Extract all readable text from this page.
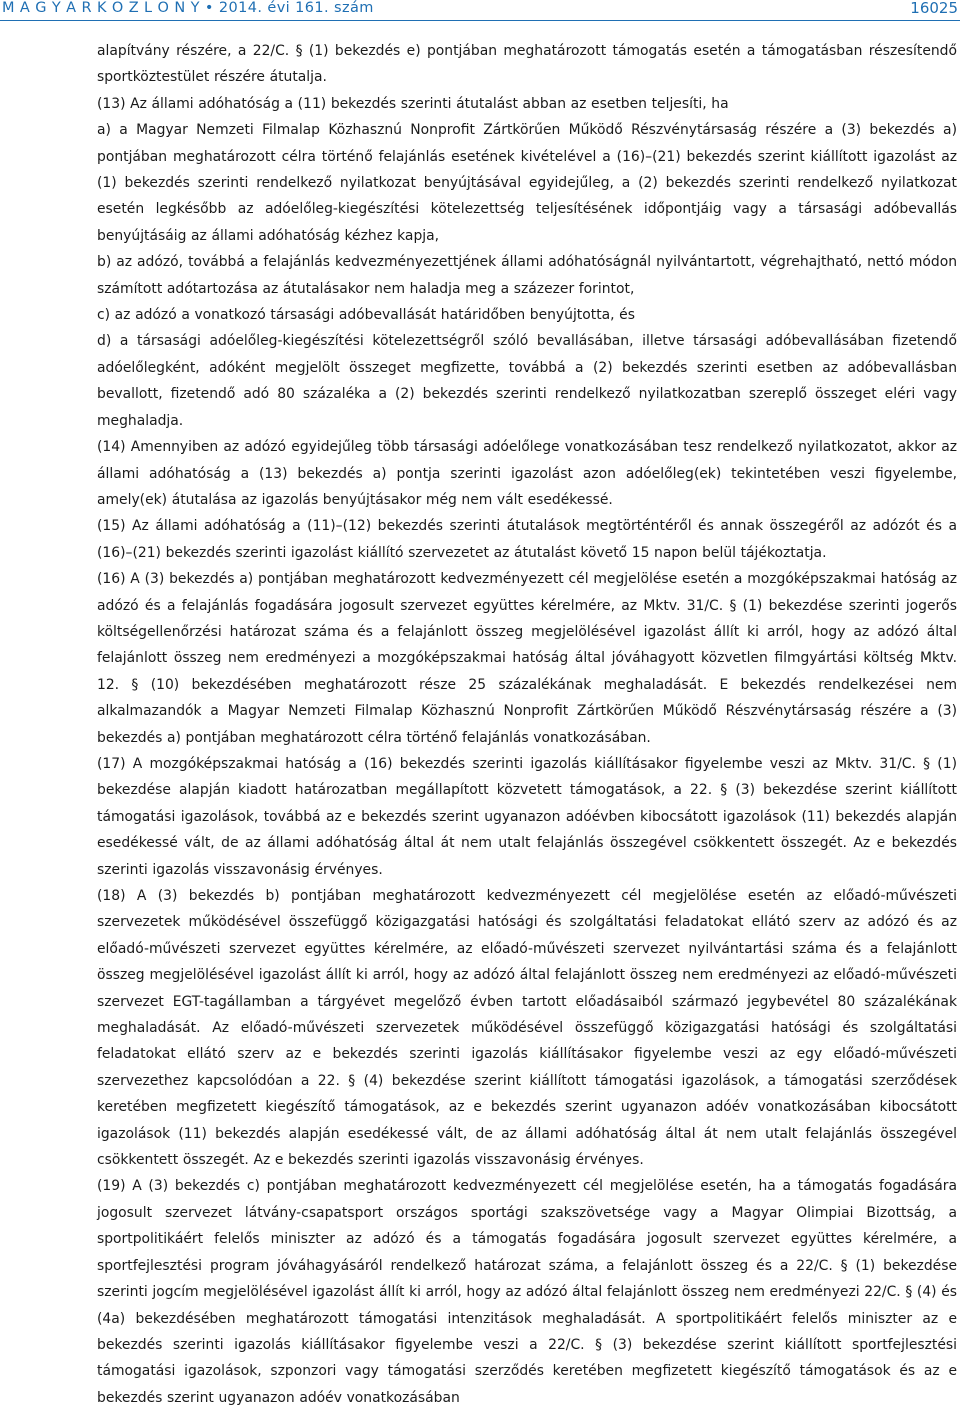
M A G Y A R K Ö Z L Ö N Y • 2014. évi 161. szám	16025

alapítvány részére, a 22/C. § (1) bekezdés e) pontjában meghatározott támogatás esetén a támogatásban részesítendő sportköztestület részére átutalja.

(13) Az állami adóhatóság a (11) bekezdés szerinti átutalást abban az esetben teljesíti, ha

a) a Magyar Nemzeti Filmalap Közhasznú Nonprofit Zártkörűen Működő Részvénytársaság részére a (3) bekezdés a) pontjában meghatározott célra történő felajánlás esetének kivételével a (16)–(21) bekezdés szerint kiállított igazolást az (1) bekezdés szerinti rendelkező nyilatkozat benyújtásával egyidejűleg, a (2) bekezdés szerinti rendelkező nyilatkozat esetén legkésőbb az adóelőleg-kiegészítési kötelezettség teljesítésének időpontjáig vagy a társasági adóbevallás benyújtásáig az állami adóhatóság kézhez kapja,

b) az adózó, továbbá a felajánlás kedvezményezettjének állami adóhatóságnál nyilvántartott, végrehajtható, nettó módon számított adótartozása az átutalásakor nem haladja meg a százezer forintot,

c) az adózó a vonatkozó társasági adóbevallását határidőben benyújtotta, és

d) a társasági adóelőleg-kiegészítési kötelezettségről szóló bevallásában, illetve társasági adóbevallásában fizetendő adóelőlegként, adóként megjelölt összeget megfizette, továbbá a (2) bekezdés szerinti esetben az adóbevallásban bevallott, fizetendő adó 80 százaléka a (2) bekezdés szerinti rendelkező nyilatkozatban szereplő összeget eléri vagy meghaladja.

(14) Amennyiben az adózó egyidejűleg több társasági adóelőlege vonatkozásában tesz rendelkező nyilatkozatot, akkor az állami adóhatóság a (13) bekezdés a) pontja szerinti igazolást azon adóelőleg(ek) tekintetében veszi figyelembe, amely(ek) átutalása az igazolás benyújtásakor még nem vált esedékessé.

(15) Az állami adóhatóság a (11)–(12) bekezdés szerinti átutalások megtörténtéről és annak összegéről az adózót és a (16)–(21) bekezdés szerinti igazolást kiállító szervezetet az átutalást követő 15 napon belül tájékoztatja.

(16) A (3) bekezdés a) pontjában meghatározott kedvezményezett cél megjelölése esetén a mozgóképszakmai hatóság az adózó és a felajánlás fogadására jogosult szervezet együttes kérelmére, az Mktv. 31/C. § (1) bekezdése szerinti jogerős költségellenőrzési határozat száma és a felajánlott összeg megjelölésével igazolást állít ki arról, hogy az adózó által felajánlott összeg nem eredményezi a mozgóképszakmai hatóság által jóváhagyott közvetlen filmgyártási költség Mktv. 12. § (10) bekezdésében meghatározott része 25 százalékának meghaladását. E bekezdés rendelkezései nem alkalmazandók a Magyar Nemzeti Filmalap Közhasznú Nonprofit Zártkörűen Működő Részvénytársaság részére a (3) bekezdés a) pontjában meghatározott célra történő felajánlás vonatkozásában.

(17) A mozgóképszakmai hatóság a (16) bekezdés szerinti igazolás kiállításakor figyelembe veszi az Mktv. 31/C. § (1) bekezdése alapján kiadott határozatban megállapított közvetett támogatások, a 22. § (3) bekezdése szerint kiállított támogatási igazolások, továbbá az e bekezdés szerint ugyanazon adóévben kibocsátott igazolások (11) bekezdés alapján esedékessé vált, de az állami adóhatóság által át nem utalt felajánlás összegével csökkentett összegét. Az e bekezdés szerinti igazolás visszavonásig érvényes.

(18) A (3) bekezdés b) pontjában meghatározott kedvezményezett cél megjelölése esetén az előadó-művészeti szervezetek működésével összefüggő közigazgatási hatósági és szolgáltatási feladatokat ellátó szerv az adózó és az előadó-művészeti szervezet együttes kérelmére, az előadó-művészeti szervezet nyilvántartási száma és a felajánlott összeg megjelölésével igazolást állít ki arról, hogy az adózó által felajánlott összeg nem eredményezi az előadó-művészeti szervezet EGT-tagállamban a tárgyévet megelőző évben tartott előadásaiból származó jegybevétel 80 százalékának meghaladását. Az előadó-művészeti szervezetek működésével összefüggő közigazgatási hatósági és szolgáltatási feladatokat ellátó szerv az e bekezdés szerinti igazolás kiállításakor figyelembe veszi az egy előadó-művészeti szervezethez kapcsolódóan a 22. § (4) bekezdése szerint kiállított támogatási igazolások, a támogatási szerződések keretében megfizetett kiegészítő támogatások, az e bekezdés szerint ugyanazon adóév vonatkozásában kibocsátott igazolások (11) bekezdés alapján esedékessé vált, de az állami adóhatóság által át nem utalt felajánlás összegével csökkentett összegét. Az e bekezdés szerinti igazolás visszavonásig érvényes.

(19) A (3) bekezdés c) pontjában meghatározott kedvezményezett cél megjelölése esetén, ha a támogatás fogadására jogosult szervezet látvány-csapatsport országos sportági szakszövetsége vagy a Magyar Olimpiai Bizottság, a sportpolitikáért felelős miniszter az adózó és a támogatás fogadására jogosult szervezet együttes kérelmére, a sportfejlesztési program jóváhagyásáról rendelkező határozat száma, a felajánlott összeg és a 22/C. § (1) bekezdése szerinti jogcím megjelölésével igazolást állít ki arról, hogy az adózó által felajánlott összeg nem eredményezi 22/C. § (4) és (4a) bekezdésében meghatározott támogatási intenzitások meghaladását. A sportpolitikáért felelős miniszter az e bekezdés szerinti igazolás kiállításakor figyelembe veszi a 22/C. § (3) bekezdése szerint kiállított sportfejlesztési támogatási igazolások, szponzori vagy támogatási szerződés keretében megfizetett kiegészítő támogatások és az e bekezdés szerint ugyanazon adóév vonatkozásában
